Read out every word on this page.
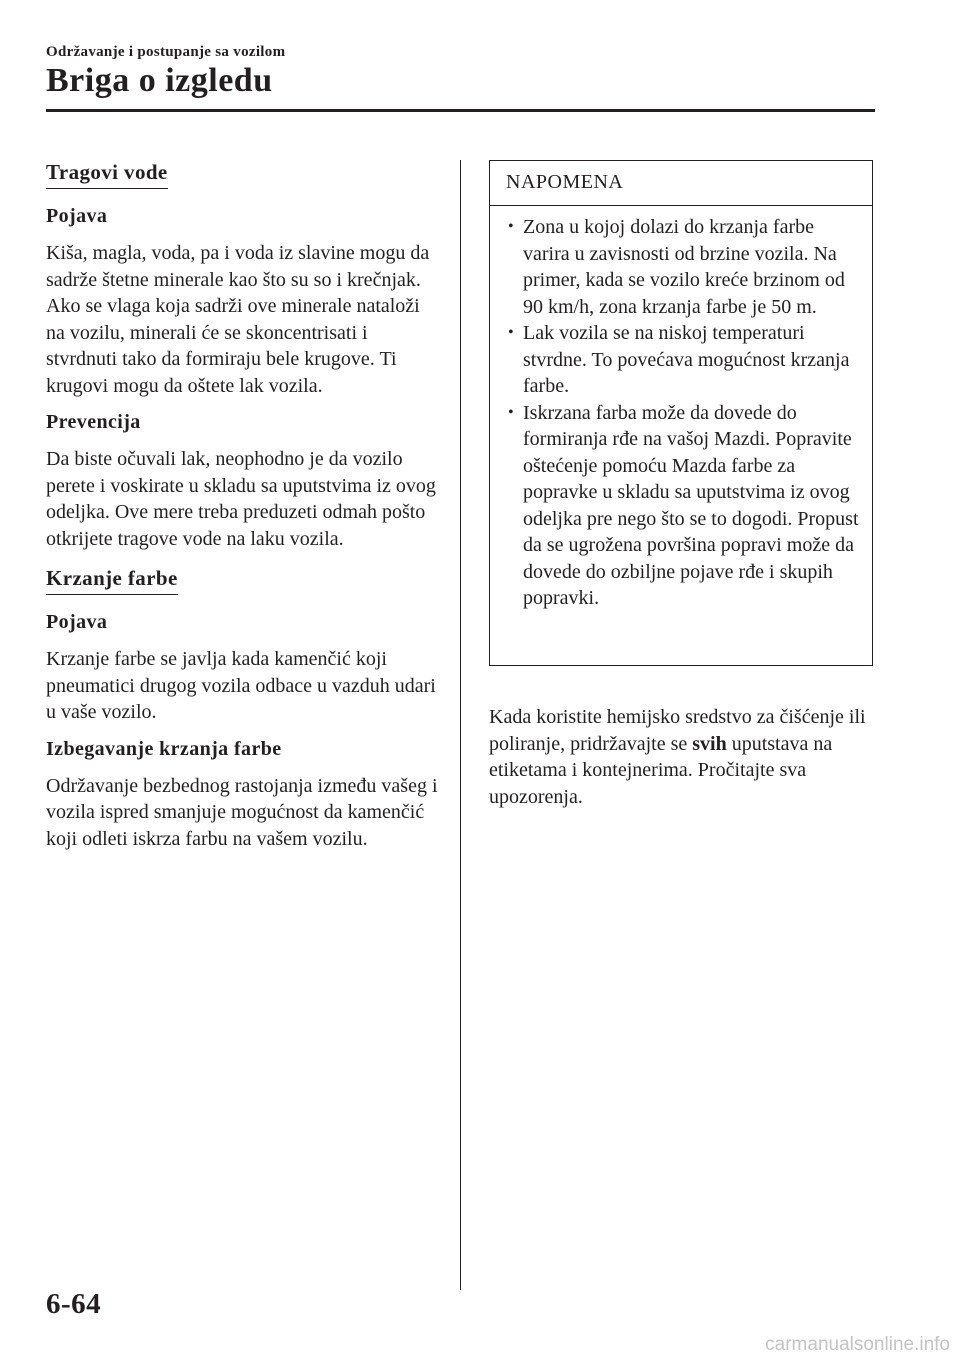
Održavanje i postupanje sa vozilom
Briga o izgledu
Tragovi vode
Pojava

Kiša, magla, voda, pa i voda iz slavine mogu da sadrže štetne minerale kao što su so i krečnjak. Ako se vlaga koja sadrži ove minerale nataloži na vozilu, minerali će se skoncentrisati i stvrdnuti tako da formiraju bele krugove. Ti krugovi mogu da oštete lak vozila.

Prevencija

Da biste očuvali lak, neophodno je da vozilo perete i voskirate u skladu sa uputstvima iz ovog odeljka. Ove mere treba preduzeti odmah pošto otkrijete tragove vode na laku vozila.

Krzanje farbe
Pojava

Krzanje farbe se javlja kada kamenčić koji pneumatici drugog vozila odbace u vazduh udari u vaše vozilo.

Izbegavanje krzanja farbe

Održavanje bezbednog rastojanja između vašeg i vozila ispred smanjuje mogućnost da kamenčić koji odleti iskrza farbu na vašem vozilu.

NAPOMENA
• Zona u kojoj dolazi do krzanja farbe varira u zavisnosti od brzine vozila. Na primer, kada se vozilo kreće brzinom od 90 km/h, zona krzanja farbe je 50 m.
• Lak vozila se na niskoj temperaturi stvrdne. To povećava mogućnost krzanja farbe.
• Iskrzana farba može da dovede do formiranja rđe na vašoj Mazdi. Popravite oštećenje pomoću Mazda farbe za popravke u skladu sa uputstvima iz ovog odeljka pre nego što se to dogodi. Propust da se ugrožena površina popravi može da dovede do ozbiljne pojave rđe i skupih popravki.

Kada koristite hemijsko sredstvo za čišćenje ili poliranje, pridržavajte se svih uputstava na etiketama i kontejnerima. Pročitajte sva upozorenja.

6-64
carmanualsonline.info
